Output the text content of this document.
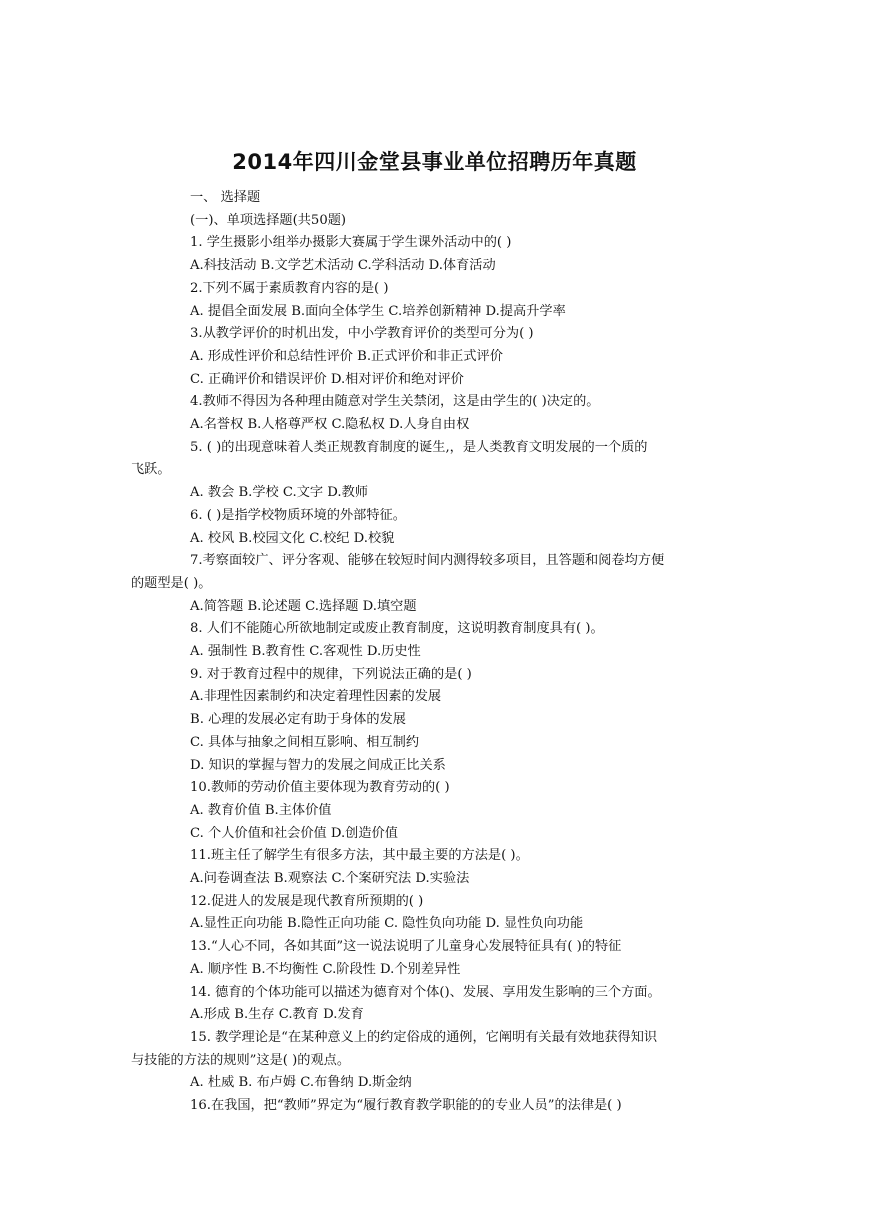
2014年四川金堂县事业单位招聘历年真题
一、 选择题
(一)、单项选择题(共50题)
1. 学生摄影小组举办摄影大赛属于学生课外活动中的( )
A.科技活动 B.文学艺术活动 C.学科活动 D.体育活动
2.下列不属于素质教育内容的是( )
A. 提倡全面发展 B.面向全体学生 C.培养创新精神 D.提高升学率
3.从教学评价的时机出发，中小学教育评价的类型可分为( )
A. 形成性评价和总结性评价 B.正式评价和非正式评价
C. 正确评价和错误评价 D.相对评价和绝对评价
4.教师不得因为各种理由随意对学生关禁闭，这是由学生的( )决定的。
A.名誉权 B.人格尊严权 C.隐私权 D.人身自由权
5. ( )的出现意味着人类正规教育制度的诞生,，是人类教育文明发展的一个质的
飞跃。
A. 教会 B.学校 C.文字 D.教师
6. ( )是指学校物质环境的外部特征。
A. 校风 B.校园文化 C.校纪 D.校貌
7.考察面较广、评分客观、能够在较短时间内测得较多项目，且答题和阅卷均方便
的题型是( )。
A.简答题 B.论述题 C.选择题 D.填空题
8. 人们不能随心所欲地制定或废止教育制度，这说明教育制度具有( )。
A. 强制性 B.教育性 C.客观性 D.历史性
9. 对于教育过程中的规律，下列说法正确的是( )
A.非理性因素制约和决定着理性因素的发展
B. 心理的发展必定有助于身体的发展
C. 具体与抽象之间相互影响、相互制约
D. 知识的掌握与智力的发展之间成正比关系
10.教师的劳动价值主要体现为教育劳动的( )
A. 教育价值 B.主体价值
C. 个人价值和社会价值 D.创造价值
11.班主任了解学生有很多方法，其中最主要的方法是( )。
A.问卷调查法 B.观察法 C.个案研究法 D.实验法
12.促进人的发展是现代教育所预期的( )
A.显性正向功能 B.隐性正向功能 C. 隐性负向功能 D. 显性负向功能
13.“人心不同，各如其面”这一说法说明了儿童身心发展特征具有( )的特征
A. 顺序性 B.不均衡性 C.阶段性 D.个别差异性
14. 德育的个体功能可以描述为德育对个体()、发展、享用发生影响的三个方面。
A.形成 B.生存 C.教育 D.发育
15. 教学理论是“在某种意义上的约定俗成的通例，它阐明有关最有效地获得知识
与技能的方法的规则”这是( )的观点。
A. 杜威 B. 布卢姆 C.布鲁纳 D.斯金纳
16.在我国，把“教师”界定为“履行教育教学职能的的专业人员”的法律是( )
